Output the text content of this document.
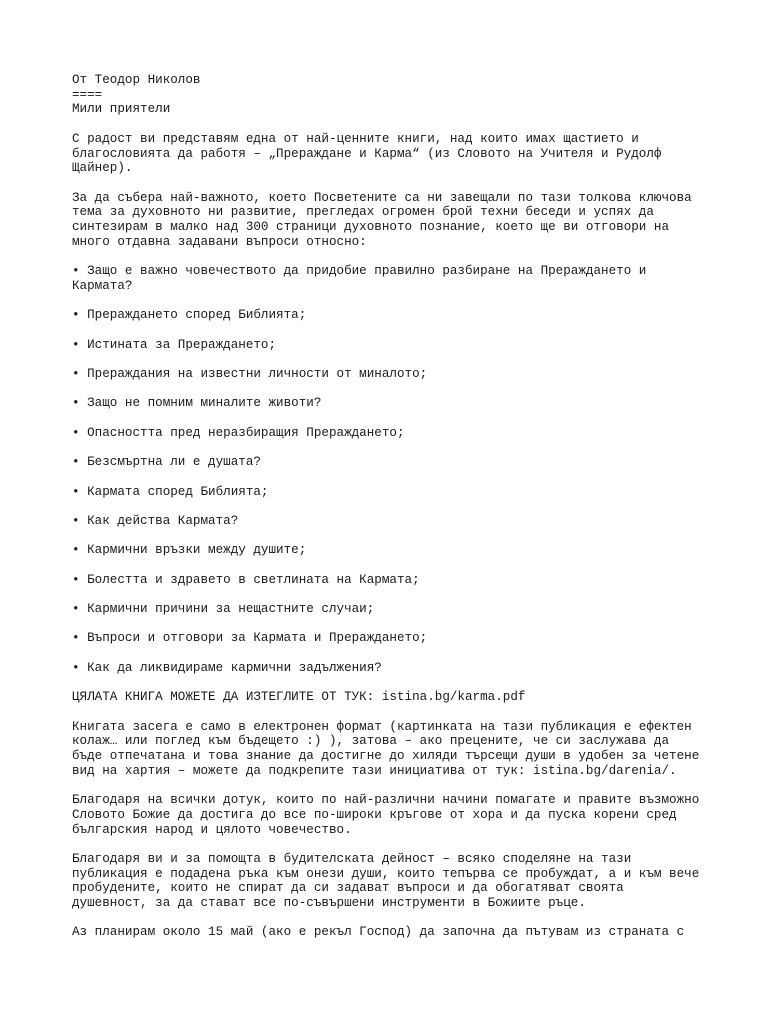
От Теодор Николов

====

Мили приятели

С радост ви представям една от най-ценните книги, над които имах щастието и

благословията да работя – „Прераждане и Карма“ (из Словото на Учителя и Рудолф

Щайнер).

За да събера най-важното, което Посветените са ни завещали по тази толкова ключова

тема за духовното ни развитие, прегледах огромен брой техни беседи и успях да

синтезирам в малко над 300 страници духовното познание, което ще ви отговори на

много отдавна задавани въпроси относно:

• Защо е важно човечеството да придобие правилно разбиране на Прераждането и

Кармата?

• Прераждането според Библията;

• Истината за Прераждането;

• Прераждания на известни личности от миналото;

• Защо не помним миналите животи?

• Опасността пред неразбиращия Прераждането;

• Безсмъртна ли е душата?

• Кармата според Библията;

• Как действа Кармата?

• Кармични връзки между душите;

• Болестта и здравето в светлината на Кармата;

• Кармични причини за нещастните случаи;

• Въпроси и отговори за Кармата и Прераждането;

• Как да ликвидираме кармични задължения?

ЦЯЛАТА КНИГА МОЖЕТЕ ДА ИЗТЕГЛИТЕ ОТ ТУК: istina.bg/karma.pdf

Книгата засега е само в електронен формат (картинката на тази публикация е ефектен

колаж… или поглед към бъдещето :) ), затова – ако прецените, че си заслужава да

бъде отпечатана и това знание да достигне до хиляди търсещи души в удобен за четене

вид на хартия – можете да подкрепите тази инициатива от тук: istina.bg/darenia/.

Благодаря на всички дотук, които по най-различни начини помагате и правите възможно

Словото Божие да достига до все по-широки кръгове от хора и да пуска корени сред

българския народ и цялото човечество.

Благодаря ви и за помощта в будителската дейност – всяко споделяне на тази

публикация е подадена ръка към онези души, които тепърва се пробуждат, а и към вече

пробудените, които не спират да си задават въпроси и да обогатяват своята

душевност, за да стават все по-съвършени инструменти в Божиите ръце.

Аз планирам около 15 май (ако е рекъл Господ) да започна да пътувам из страната с
